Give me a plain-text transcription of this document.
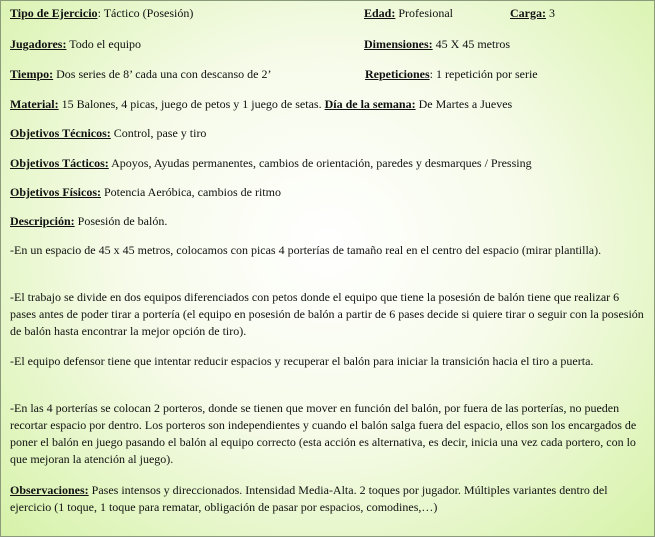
Tipo de Ejercicio: Táctico (Posesión)	Edad: Profesional	Carga: 3
Jugadores: Todo el equipo	Dimensiones: 45 X 45 metros
Tiempo: Dos series de 8’ cada una con descanso de 2’	Repeticiones: 1 repetición por serie
Material: 15 Balones, 4 picas, juego de petos y 1 juego de setas. Día de la semana: De Martes a Jueves
Objetivos Técnicos: Control, pase y tiro
Objetivos Tácticos: Apoyos, Ayudas permanentes, cambios de orientación, paredes y desmarques / Pressing
Objetivos Físicos: Potencia Aeróbica, cambios de ritmo
Descripción: Posesión de balón.
-En un espacio de 45 x 45 metros, colocamos con picas 4 porterías de tamaño real en el centro del espacio (mirar plantilla).
-El trabajo se divide en dos equipos diferenciados con petos donde el equipo que tiene la posesión de balón tiene que realizar 6 pases antes de poder tirar a portería (el equipo en posesión de balón a partir de 6 pases decide si quiere tirar o seguir con la posesión de balón hasta encontrar la mejor opción de tiro).
-El equipo defensor tiene que intentar reducir espacios y recuperar el balón para iniciar la transición hacia el tiro a puerta.
-En las 4 porterías se colocan 2 porteros, donde se tienen que mover en función del balón, por fuera de las porterías, no pueden recortar espacio por dentro. Los porteros son independientes y cuando el balón salga fuera del espacio, ellos son los encargados de poner el balón en juego pasando el balón al equipo correcto (esta acción es alternativa, es decir, inicia una vez cada portero, con lo que mejoran la atención al juego).
Observaciones: Pases intensos y direccionados. Intensidad Media-Alta. 2 toques por jugador. Múltiples variantes dentro del ejercicio (1 toque, 1 toque para rematar, obligación de pasar por espacios, comodines,…)
